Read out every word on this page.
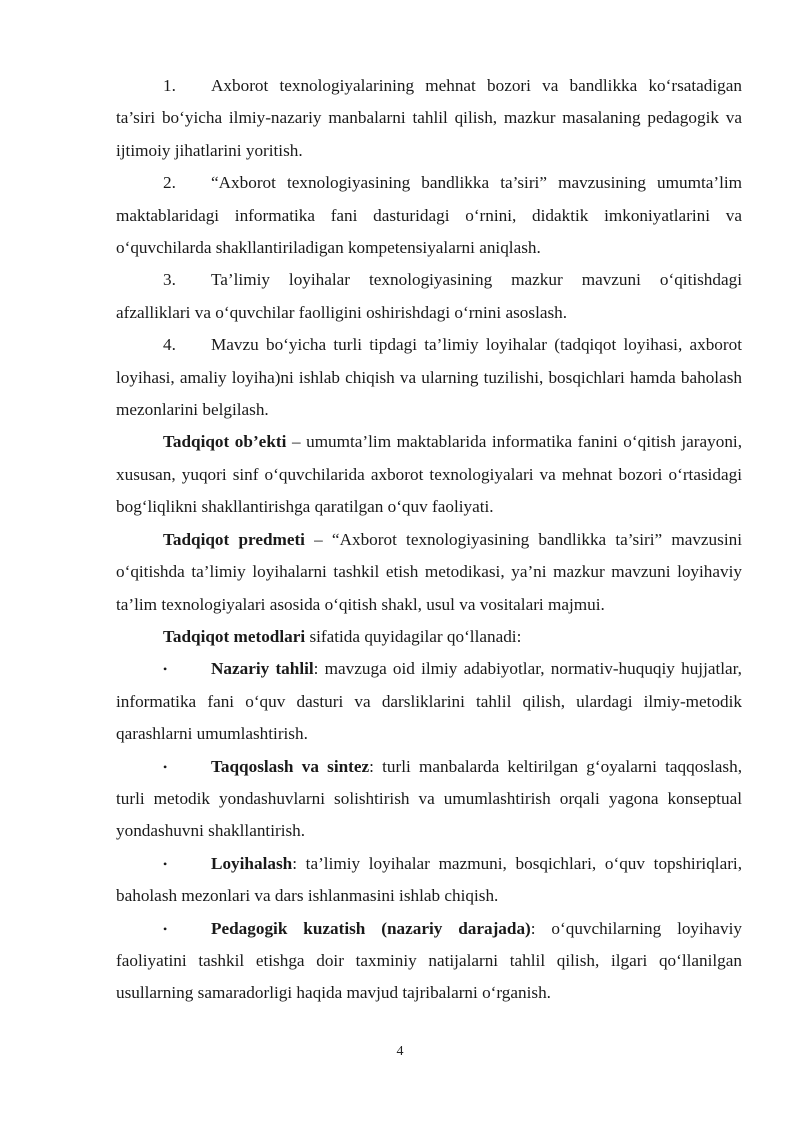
1. Axborot texnologiyalarining mehnat bozori va bandlikka ko‘rsatadigan ta’siri bo‘yicha ilmiy-nazariy manbalarni tahlil qilish, mazkur masalaning pedagogik va ijtimoiy jihatlarini yoritish.

2. “Axborot texnologiyasining bandlikka ta’siri” mavzusining umumta’lim maktablaridagi informatika fani dasturidagi o‘rnini, didaktik imkoniyatlarini va o‘quvchilarda shakllantiriladigan kompetensiyalarni aniqlash.

3. Ta’limiy loyihalar texnologiyasining mazkur mavzuni o‘qitishdagi afzalliklari va o‘quvchilar faolligini oshirishdagi o‘rnini asoslash.

4. Mavzu bo‘yicha turli tipdagi ta’limiy loyihalar (tadqiqot loyihasi, axborot loyihasi, amaliy loyiha)ni ishlab chiqish va ularning tuzilishi, bosqichlari hamda baholash mezonlarini belgilash.

Tadqiqot ob’ekti – umumta’lim maktablarida informatika fanini o‘qitish jarayoni, xususan, yuqori sinf o‘quvchilarida axborot texnologiyalari va mehnat bozori o‘rtasidagi bog‘liqlikni shakllantirishga qaratilgan o‘quv faoliyati.

Tadqiqot predmeti – “Axborot texnologiyasining bandlikka ta’siri” mavzusini o‘qitishda ta’limiy loyihalarni tashkil etish metodikasi, ya’ni mazkur mavzuni loyihaviy ta’lim texnologiyalari asosida o‘qitish shakl, usul va vositalari majmui.

Tadqiqot metodlari sifatida quyidagilar qo‘llanadi:

•	Nazariy tahlil: mavzuga oid ilmiy adabiyotlar, normativ-huquqiy hujjatlar, informatika fani o‘quv dasturi va darsliklarini tahlil qilish, ulardagi ilmiy-metodik qarashlarni umumlashtirish.

•	Taqqoslash va sintez: turli manbalarda keltirilgan g‘oyalarni taqqoslash, turli metodik yondashuvlarni solishtirish va umumlashtirish orqali yagona konseptual yondashuvni shakllantirish.

•	Loyihalash: ta’limiy loyihalar mazmuni, bosqichlari, o‘quv topshiriqlari, baholash mezonlari va dars ishlanmasini ishlab chiqish.

•	Pedagogik kuzatish (nazariy darajada): o‘quvchilarning loyihaviy faoliyatini tashkil etishga doir taxminiy natijalarni tahlil qilish, ilgari qo‘llanilgan usullarning samaradorligi haqida mavjud tajribalarni o‘rganish.

4
